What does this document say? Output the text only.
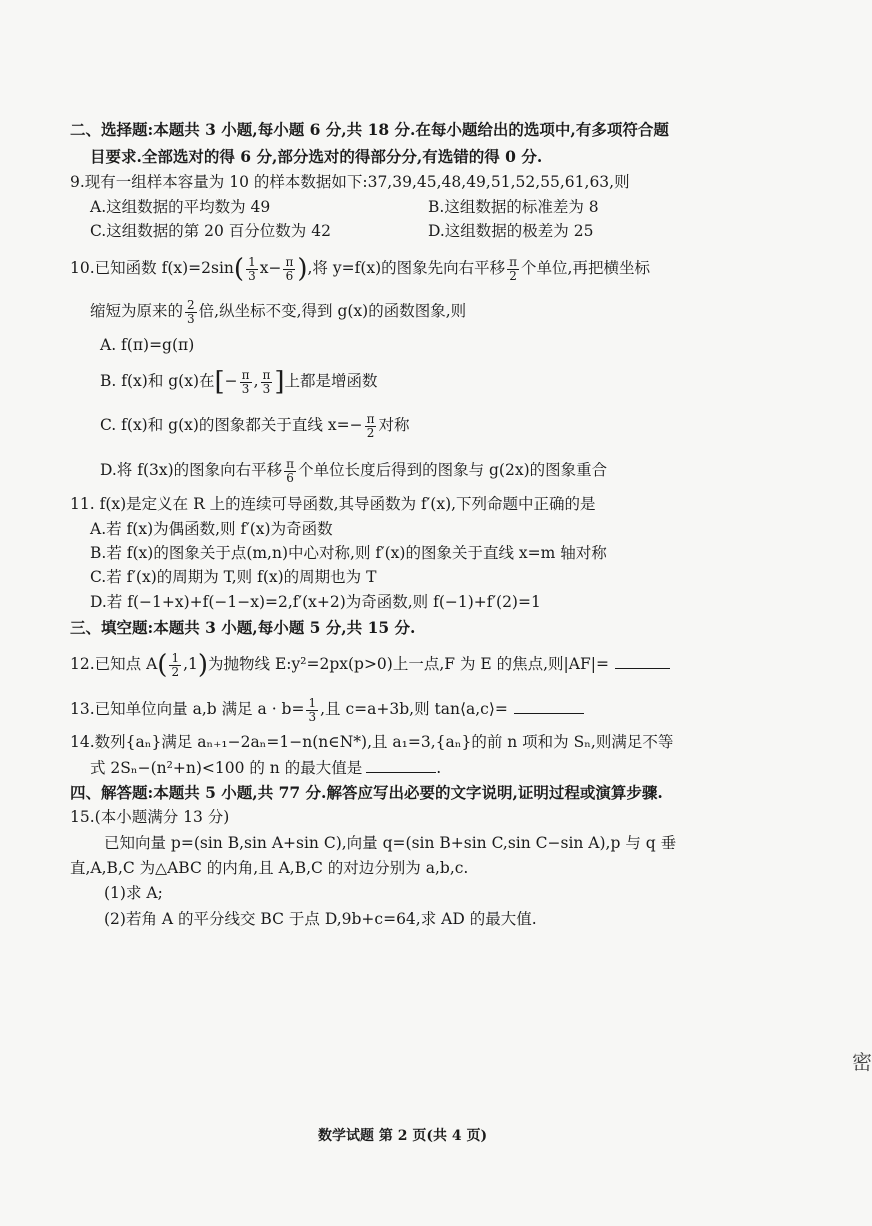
二、选择题:本题共 3 小题,每小题 6 分,共 18 分.在每小题给出的选项中,有多项符合题
目要求.全部选对的得 6 分,部分选对的得部分分,有选错的得 0 分.
9.现有一组样本容量为 10 的样本数据如下:37,39,45,48,49,51,52,55,61,63,则
A.这组数据的平均数为 49	B.这组数据的标准差为 8
C.这组数据的第 20 百分位数为 42	D.这组数据的极差为 25
10.已知函数 $f(x)=2\sin( \frac{1}{3} x- \frac{\pi}{6}$ ),将 y=f(x)的图象先向右平移 $\frac{\pi}{2}$ 个单位,再把横坐标
缩短为原来的 $\frac{2}{3}$ 倍,纵坐标不变,得到 g(x)的函数图象,则
A. f(π)=g(π)
B. f(x)和 g(x)在[− $\frac{\pi}{3}$ , $\frac{\pi}{3}$ ]上都是增函数
C. f(x)和 g(x)的图象都关于直线 $x=- \frac{\pi}{2}$ 对称
D.将 f(3x)的图象向右平移 $\frac{\pi}{6}$ 个单位长度后得到的图象与 g(2x)的图象重合
11. f(x)是定义在 R 上的连续可导函数,其导函数为 f′(x),下列命题中正确的是
A.若 f(x)为偶函数,则 f′(x)为奇函数
B.若 f(x)的图象关于点(m,n)中心对称,则 f′(x)的图象关于直线 x=m 轴对称
C.若 f′(x)的周期为 T,则 f(x)的周期也为 T
D.若 f(−1+x)+f(−1−x)=2,f′(x+2)为奇函数,则 f(−1)+f′(2)=1
三、填空题:本题共 3 小题,每小题 5 分,共 15 分.
12.已知点 $A( \frac{1}{2} ,1)$为抛物线 E:y²=2px(p>0)上一点,F 为 E 的焦点,则|AF|=
13.已知单位向量 a,b 满足 $a \cdot b= \frac{1}{3}$ ,且 c=a+3b,则 tan⟨a,c⟩=
14.数列{aₙ}满足 aₙ₊₁−2aₙ=1−n(n∈N*),且 a₁=3,{aₙ}的前 n 项和为 Sₙ,则满足不等
式 2Sₙ−(n²+n)<100 的 n 的最大值是	.
四、解答题:本题共 5 小题,共 77 分.解答应写出必要的文字说明,证明过程或演算步骤.
15.(本小题满分 13 分)
已知向量 p=(sin B,sin A+sin C),向量 q=(sin B+sin C,sin C−sin A),p 与 q 垂
直,A,B,C 为△ABC 的内角,且 A,B,C 的对边分别为 a,b,c.
(1)求 A;
(2)若角 A 的平分线交 BC 于点 D,9b+c=64,求 AD 的最大值.
密
数学试题 第 2 页(共 4 页)
